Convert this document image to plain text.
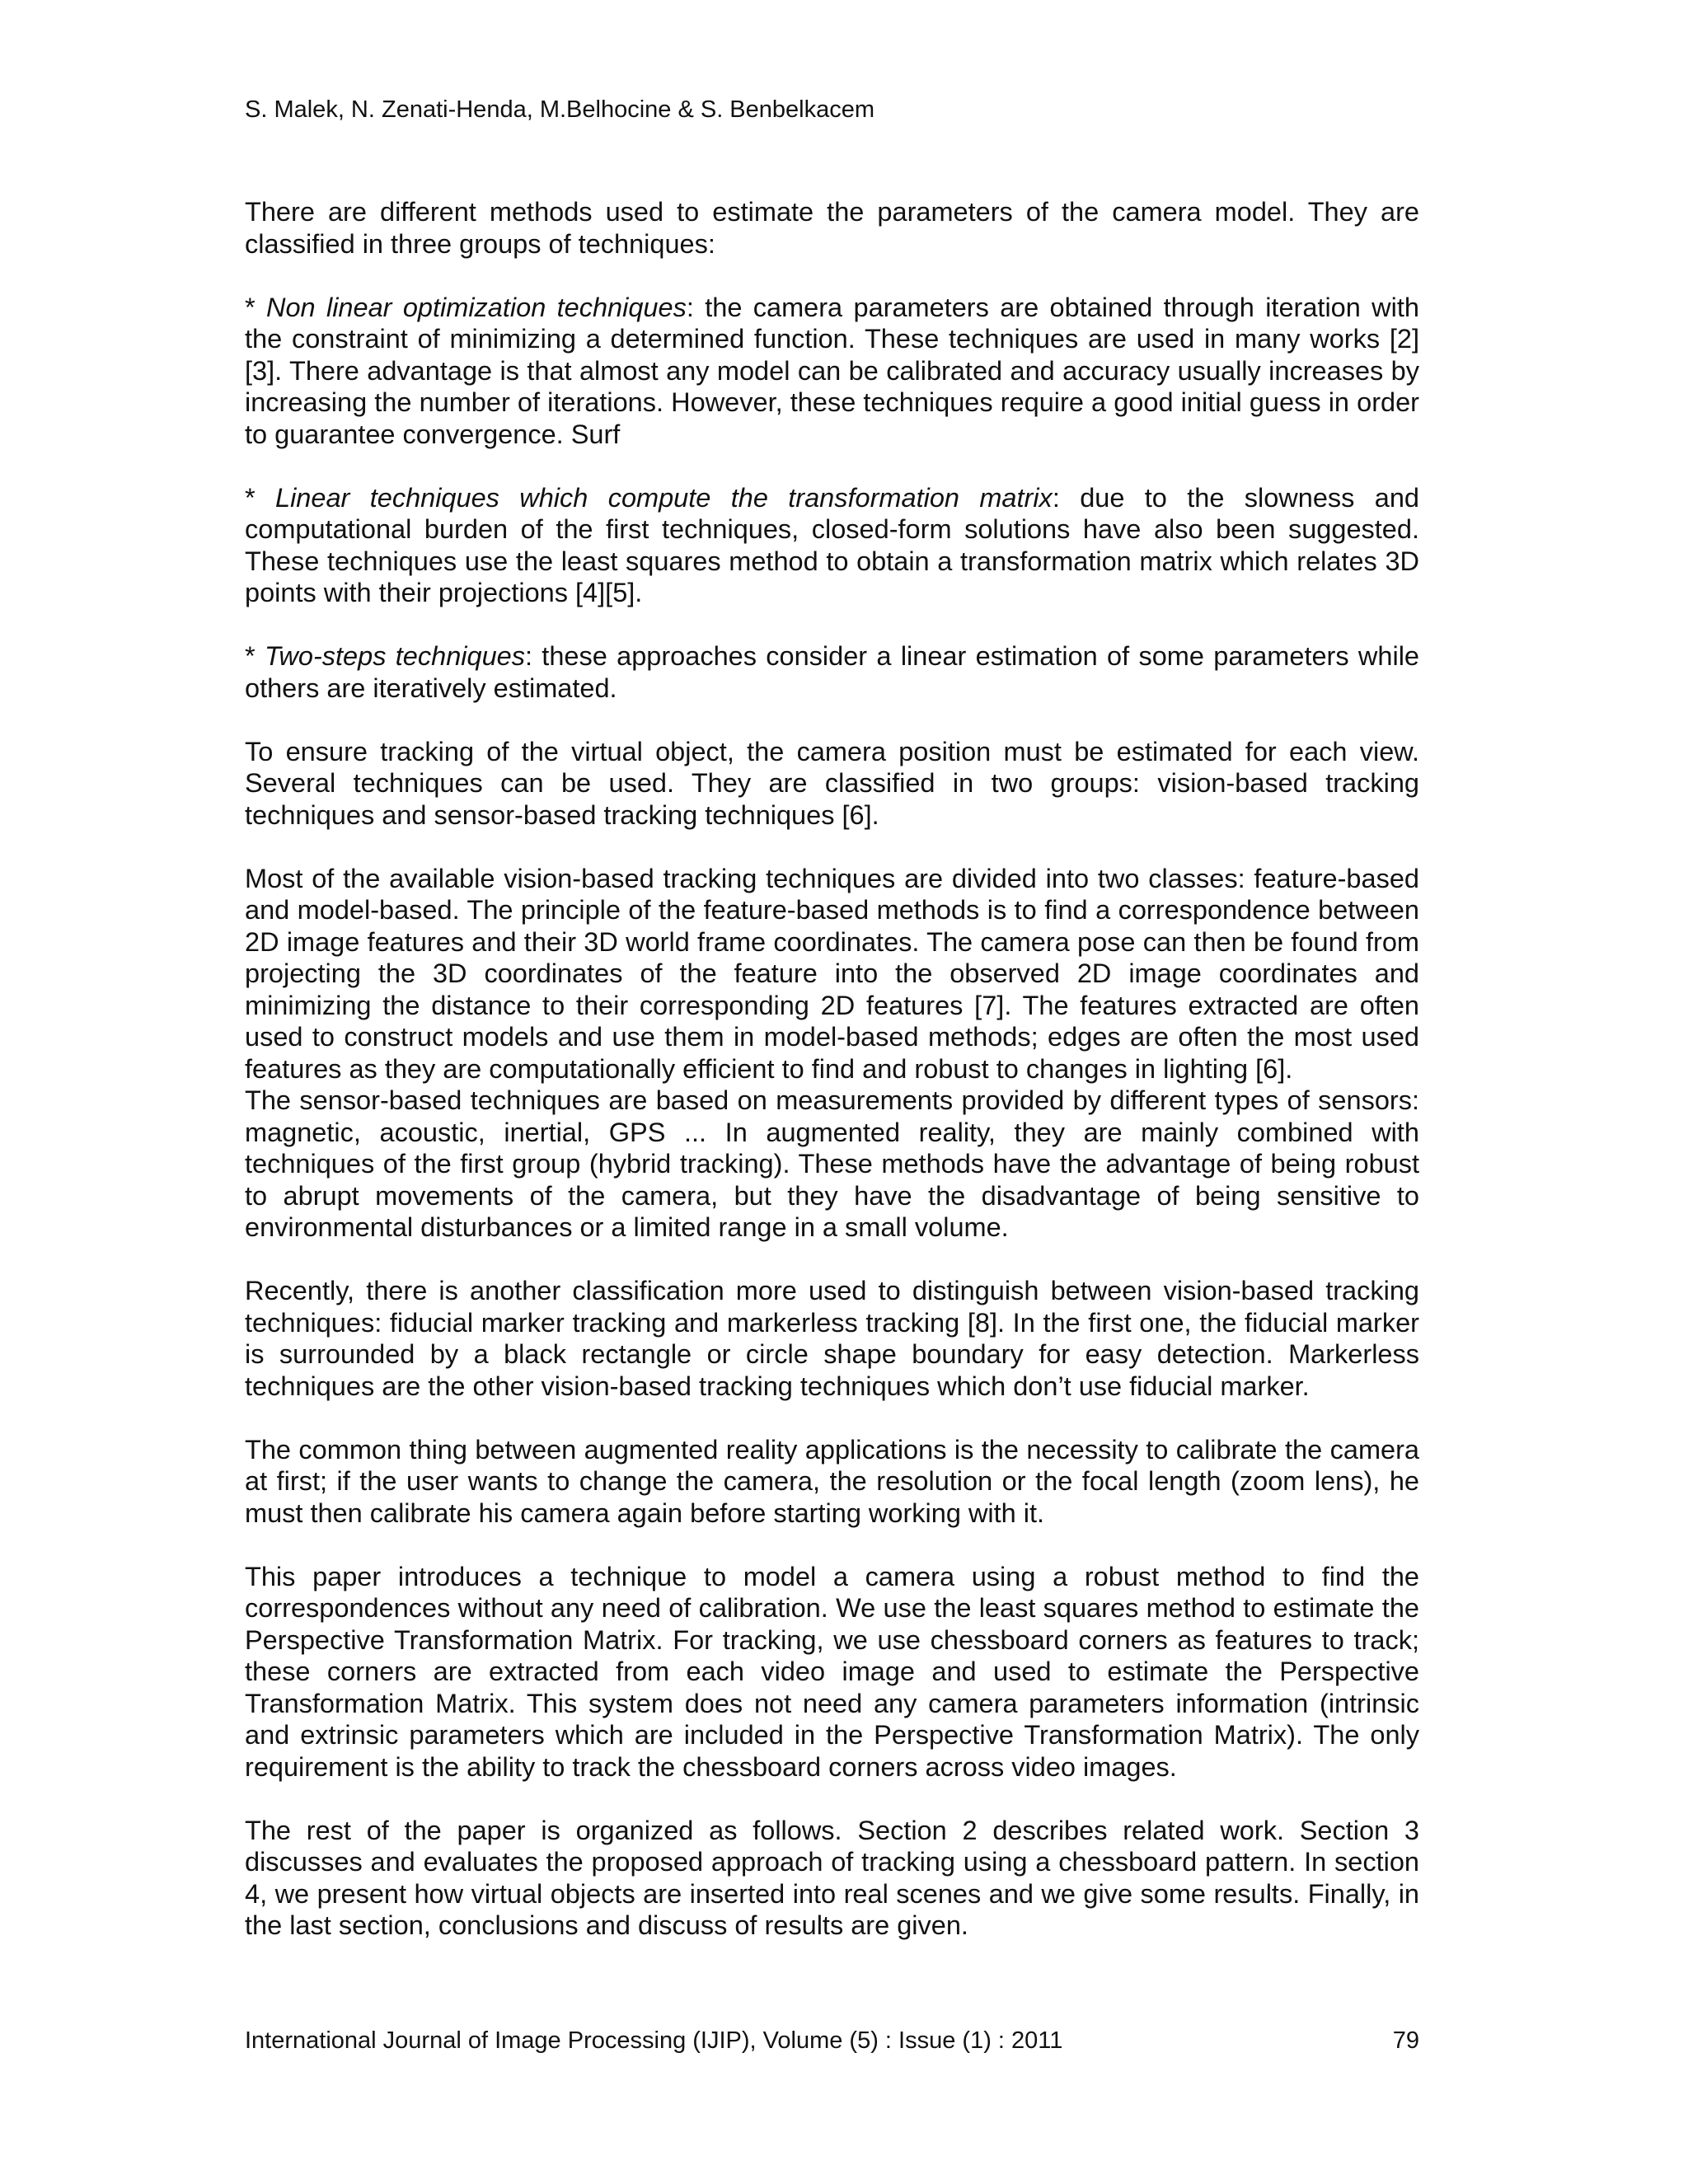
S. Malek, N. Zenati-Henda, M.Belhocine & S. Benbelkacem

There are different methods used to estimate the parameters of the camera model. They are classified in three groups of techniques:

* Non linear optimization techniques: the camera parameters are obtained through iteration with the constraint of minimizing a determined function. These techniques are used in many works [2][3]. There advantage is that almost any model can be calibrated and accuracy usually increases by increasing the number of iterations. However, these techniques require a good initial guess in order to guarantee convergence. Surf

* Linear techniques which compute the transformation matrix: due to the slowness and computational burden of the first techniques, closed-form solutions have also been suggested. These techniques use the least squares method to obtain a transformation matrix which relates 3D points with their projections [4][5].

* Two-steps techniques: these approaches consider a linear estimation of some parameters while others are iteratively estimated.

To ensure tracking of the virtual object, the camera position must be estimated for each view. Several techniques can be used. They are classified in two groups: vision-based tracking techniques and sensor-based tracking techniques [6].

Most of the available vision-based tracking techniques are divided into two classes: feature-based and model-based. The principle of the feature-based methods is to find a correspondence between 2D image features and their 3D world frame coordinates. The camera pose can then be found from projecting the 3D coordinates of the feature into the observed 2D image coordinates and minimizing the distance to their corresponding 2D features [7]. The features extracted are often used to construct models and use them in model-based methods; edges are often the most used features as they are computationally efficient to find and robust to changes in lighting [6].

The sensor-based techniques are based on measurements provided by different types of sensors: magnetic, acoustic, inertial, GPS ... In augmented reality, they are mainly combined with techniques of the first group (hybrid tracking). These methods have the advantage of being robust to abrupt movements of the camera, but they have the disadvantage of being sensitive to environmental disturbances or a limited range in a small volume.

Recently, there is another classification more used to distinguish between vision-based tracking techniques: fiducial marker tracking and markerless tracking [8]. In the first one, the fiducial marker is surrounded by a black rectangle or circle shape boundary for easy detection. Markerless techniques are the other vision-based tracking techniques which don’t use fiducial marker.

The common thing between augmented reality applications is the necessity to calibrate the camera at first; if the user wants to change the camera, the resolution or the focal length (zoom lens), he must then calibrate his camera again before starting working with it.

This paper introduces a technique to model a camera using a robust method to find the correspondences without any need of calibration. We use the least squares method to estimate the Perspective Transformation Matrix. For tracking, we use chessboard corners as features to track; these corners are extracted from each video image and used to estimate the Perspective Transformation Matrix. This system does not need any camera parameters information (intrinsic and extrinsic parameters which are included in the Perspective Transformation Matrix). The only requirement is the ability to track the chessboard corners across video images.

The rest of the paper is organized as follows. Section 2 describes related work. Section 3 discusses and evaluates the proposed approach of tracking using a chessboard pattern. In section 4, we present how virtual objects are inserted into real scenes and we give some results. Finally, in the last section, conclusions and discuss of results are given.

International Journal of Image Processing (IJIP), Volume (5) : Issue (1) : 2011	79
